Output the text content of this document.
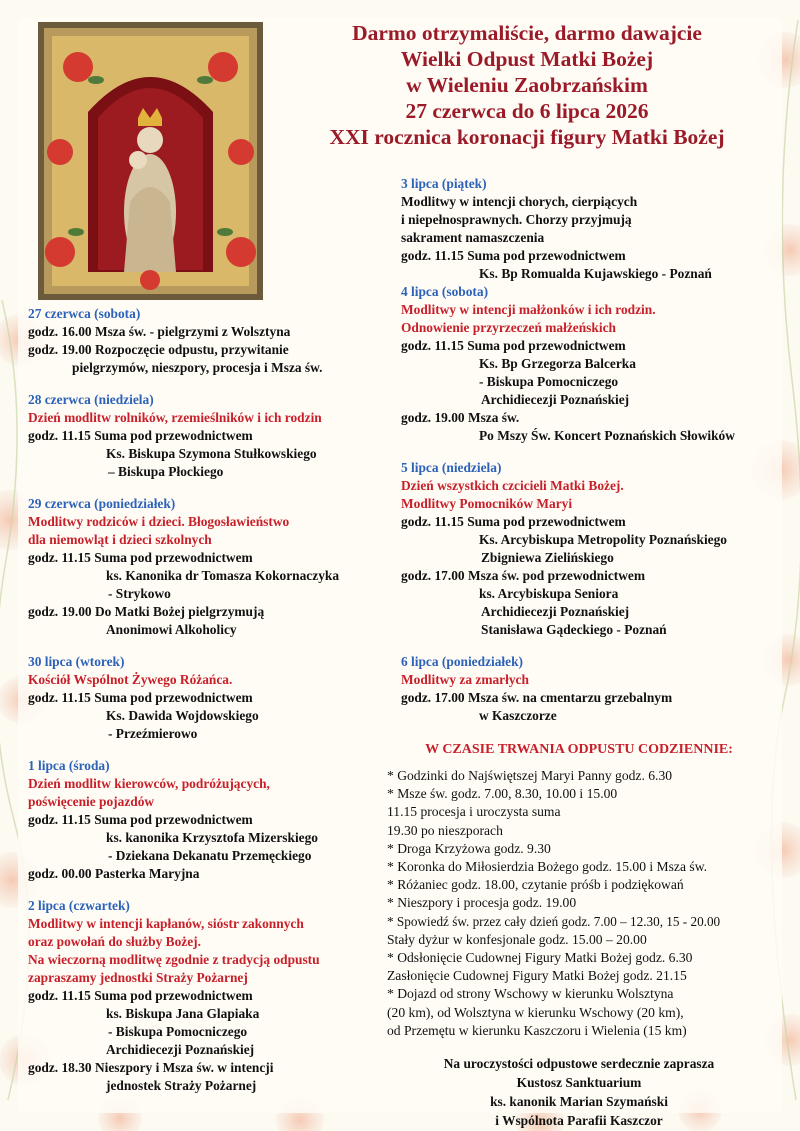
Darmo otrzymaliście, darmo dawajcie
Wielki Odpust Matki Bożej
w Wieleniu Zaobrzańskim
27 czerwca do 6 lipca 2026
XXI rocznica koronacji figury Matki Bożej
27 czerwca (sobota)
godz. 16.00 Msza św. - pielgrzymi z Wolsztyna
godz. 19.00 Rozpoczęcie odpustu, przywitanie
pielgrzymów, nieszpory, procesja i Msza św.
28 czerwca (niedziela)
Dzień modlitw rolników, rzemieślników i ich rodzin
godz. 11.15 Suma pod przewodnictwem
Ks. Biskupa Szymona Stułkowskiego
– Biskupa Płockiego
29 czerwca (poniedziałek)
Modlitwy rodziców i dzieci. Błogosławieństwo
dla niemowląt i dzieci szkolnych
godz. 11.15 Suma pod przewodnictwem
ks. Kanonika dr Tomasza Kokornaczyka
- Strykowo
godz. 19.00 Do Matki Bożej pielgrzymują
Anonimowi Alkoholicy
30 lipca (wtorek)
Kościół Wspólnot Żywego Różańca.
godz. 11.15 Suma pod przewodnictwem
Ks. Dawida Wojdowskiego
- Przeźmierowo
1 lipca (środa)
Dzień modlitw kierowców, podróżujących,
poświęcenie pojazdów
godz. 11.15 Suma pod przewodnictwem
ks. kanonika Krzysztofa Mizerskiego
- Dziekana Dekanatu Przemęckiego
godz. 00.00 Pasterka Maryjna
2 lipca (czwartek)
Modlitwy w intencji kapłanów, sióstr zakonnych
oraz powołań do służby Bożej.
Na wieczorną modlitwę zgodnie z tradycją odpustu
zapraszamy jednostki Straży Pożarnej
godz. 11.15 Suma pod przewodnictwem
ks. Biskupa Jana Glapiaka
- Biskupa Pomocniczego
Archidiecezji Poznańskiej
godz. 18.30 Nieszpory i Msza św. w intencji
jednostek Straży Pożarnej
3 lipca (piątek)
Modlitwy w intencji chorych, cierpiących
i niepełnosprawnych. Chorzy przyjmują
sakrament namaszczenia
godz. 11.15 Suma pod przewodnictwem
Ks. Bp Romualda Kujawskiego - Poznań
4 lipca (sobota)
Modlitwy w intencji małżonków i ich rodzin.
Odnowienie przyrzeczeń małżeńskich
godz. 11.15 Suma pod przewodnictwem
Ks. Bp Grzegorza Balcerka
- Biskupa Pomocniczego
Archidiecezji Poznańskiej
godz. 19.00 Msza św.
Po Mszy Św. Koncert Poznańskich Słowików
5 lipca (niedziela)
Dzień wszystkich czcicieli Matki Bożej.
Modlitwy Pomocników Maryi
godz. 11.15 Suma pod przewodnictwem
Ks. Arcybiskupa Metropolity Poznańskiego
Zbigniewa Zielińskiego
godz. 17.00 Msza św. pod przewodnictwem
ks. Arcybiskupa Seniora
Archidiecezji Poznańskiej
Stanisława Gądeckiego - Poznań
6 lipca (poniedziałek)
Modlitwy za zmarłych
godz. 17.00 Msza św. na cmentarzu grzebalnym
w Kaszczorze
W CZASIE TRWANIA ODPUSTU CODZIENNIE:
* Godzinki do Najświętszej Maryi Panny godz. 6.30
* Msze św. godz. 7.00, 8.30, 10.00 i 15.00
11.15 procesja i uroczysta suma
19.30 po nieszporach
* Droga Krzyżowa godz. 9.30
* Koronka do Miłosierdzia Bożego godz. 15.00 i Msza św.
* Różaniec godz. 18.00, czytanie próśb i podziękowań
* Nieszpory i procesja godz. 19.00
* Spowiedź św. przez cały dzień godz. 7.00 – 12.30, 15 - 20.00
Stały dyżur w konfesjonale godz. 15.00 – 20.00
* Odsłonięcie Cudownej Figury Matki Bożej godz. 6.30
Zasłonięcie Cudownej Figury Matki Bożej godz. 21.15
* Dojazd od strony Wschowy w kierunku Wolsztyna
(20 km), od Wolsztyna w kierunku Wschowy (20 km),
od Przemętu w kierunku Kaszczoru i Wielenia (15 km)
Na uroczystości odpustowe serdecznie zaprasza
Kustosz Sanktuarium
ks. kanonik Marian Szymański
i Wspólnota Parafii Kaszczor
